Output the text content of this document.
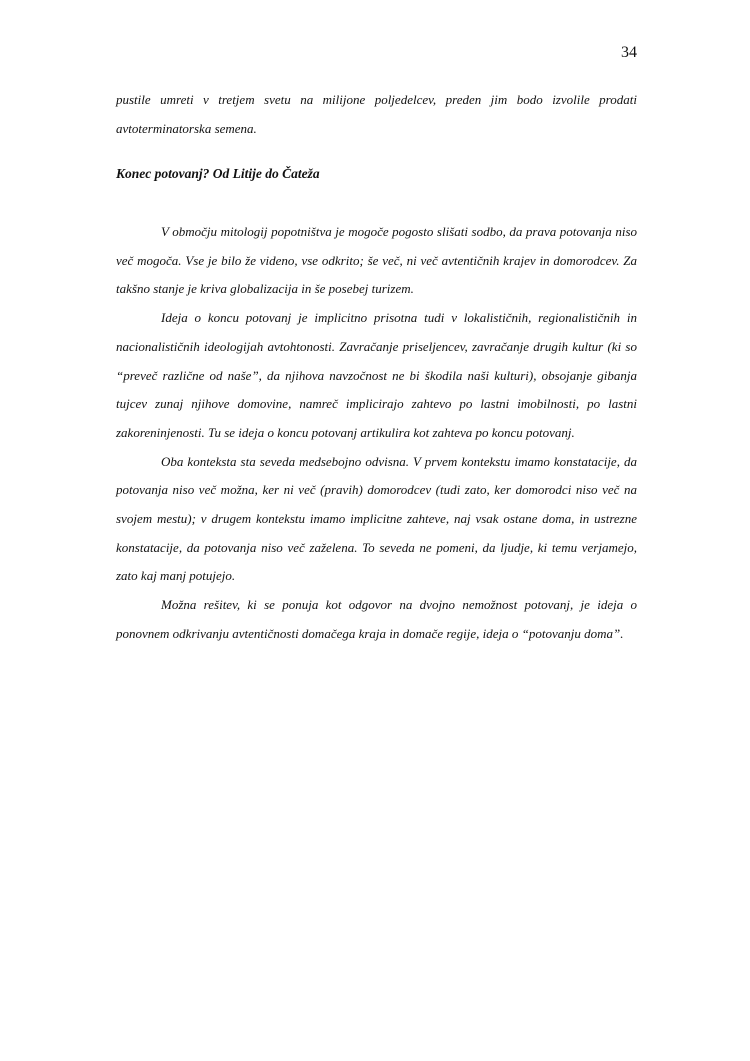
34

pustile umreti v tretjem svetu na milijone poljedelcev, preden jim bodo izvolile prodati avtoterminatorska semena.

Konec potovanj? Od Litije do Čateža

V območju mitologij popotništva je mogoče pogosto slišati sodbo, da prava potovanja niso več mogoča. Vse je bilo že videno, vse odkrito; še več, ni več avtentičnih krajev in domorodcev. Za takšno stanje je kriva globalizacija in še posebej turizem.

Ideja o koncu potovanj je implicitno prisotna tudi v lokalističnih, regionalističnih in nacionalističnih ideologijah avtohtonosti. Zavračanje priseljencev, zavračanje drugih kultur (ki so “preveč različne od naše”, da njihova navzočnost ne bi škodila naši kulturi), obsojanje gibanja tujcev zunaj njihove domovine, namreč implicirajo zahtevo po lastni imobilnosti, po lastni zakoreninjenosti. Tu se ideja o koncu potovanj artikulira kot zahteva po koncu potovanj.

Oba konteksta sta seveda medsebojno odvisna. V prvem kontekstu imamo konstatacije, da potovanja niso več možna, ker ni več (pravih) domorodcev (tudi zato, ker domorodci niso več na svojem mestu); v drugem kontekstu imamo implicitne zahteve, naj vsak ostane doma, in ustrezne konstatacije, da potovanja niso več zaželena. To seveda ne pomeni, da ljudje, ki temu verjamejo, zato kaj manj potujejo.

Možna rešitev, ki se ponuja kot odgovor na dvojno nemožnost potovanj, je ideja o ponovnem odkrivanju avtentičnosti domačega kraja in domače regije, ideja o “potovanju doma”.
